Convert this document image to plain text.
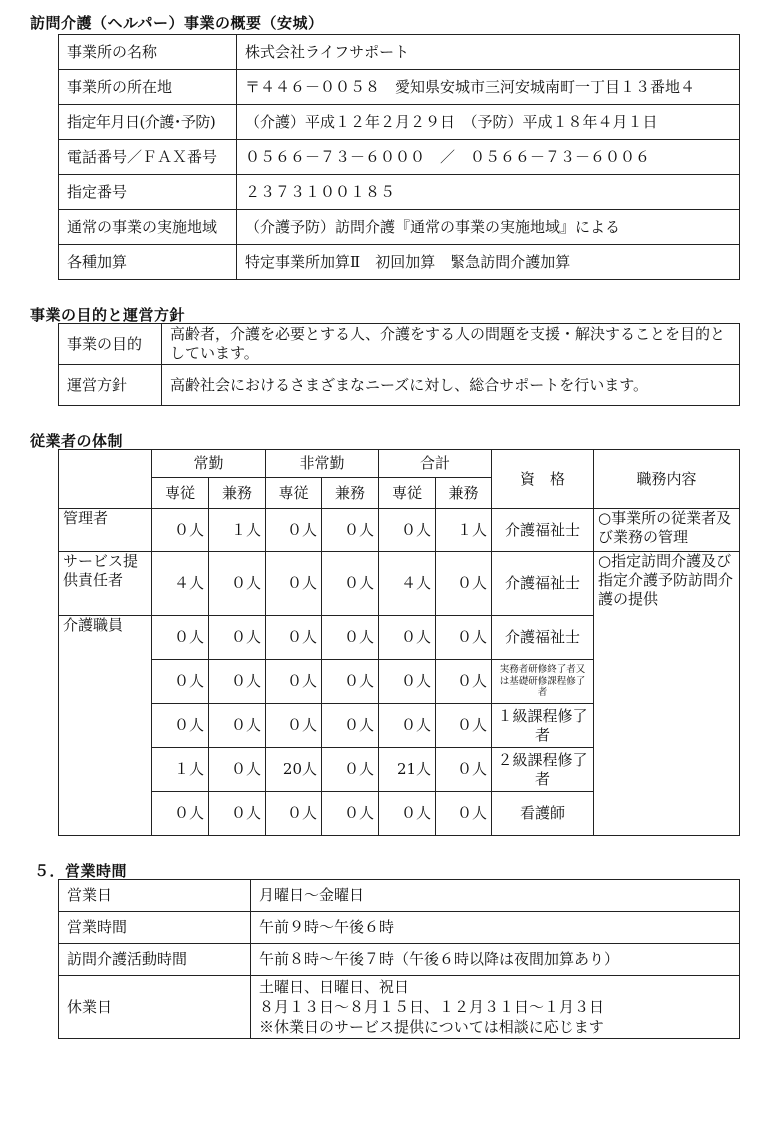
訪問介護（ヘルパー）事業の概要（安城）
事業所の名称	株式会社ライフサポート
事業所の所在地	〒４４６－００５８　愛知県安城市三河安城南町一丁目１３番地４
指定年月日(介護･予防)	（介護）平成１２年２月２９日　（予防）平成１８年４月１日
電話番号／ＦＡＸ番号	０５６６－７３－６０００　／　０５６６－７３－６００６
指定番号	２３７３１００１８５
通常の事業の実施地域	（介護予防）訪問介護『通常の事業の実施地域』による
各種加算	特定事業所加算Ⅱ　初回加算　緊急訪問介護加算
事業の目的と運営方針
事業の目的	高齢者，介護を必要とする人、介護をする人の問題を支援・解決することを目的としています。
運営方針	高齢社会におけるさまざまなニーズに対し、総合サポートを行います。
従業者の体制
	常勤		非常勤		合計		資　格	職務内容
	専従	兼務	専従	兼務	専従	兼務		
管理者	０人	１人	０人	０人	０人	１人	介護福祉士	○事業所の従業者及び業務の管理
サービス提供責任者	４人	０人	０人	０人	４人	０人	介護福祉士	○指定訪問介護及び指定介護予防訪問介護の提供
介護職員	０人	０人	０人	０人	０人	０人	介護福祉士	
	０人	０人	０人	０人	０人	０人	実務者研修終了者又は基礎研修課程修了者	
	０人	０人	０人	０人	０人	０人	１級課程修了者	
	１人	０人	20人	０人	21人	０人	２級課程修了者	
	０人	０人	０人	０人	０人	０人	看護師	
５．営業時間
営業日	月曜日～金曜日
営業時間	午前９時～午後６時
訪問介護活動時間	午前８時～午後７時（午後６時以降は夜間加算あり）
休業日	土曜日、日曜日、祝日
８月１３日～８月１５日、１２月３１日～１月３日
※休業日のサービス提供については相談に応じます
